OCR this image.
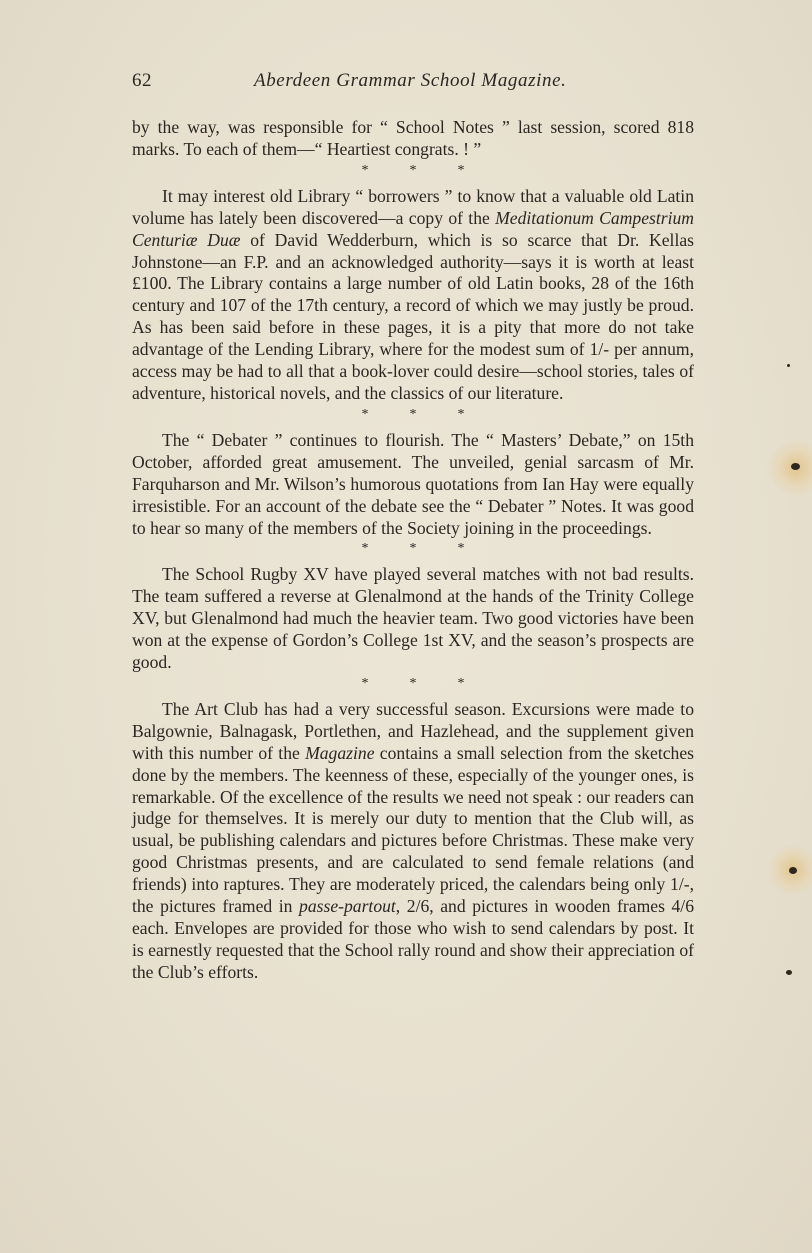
62	Aberdeen Grammar School Magazine.

by the way, was responsible for “ School Notes ” last session, scored 818 marks. To each of them—“ Heartiest congrats. ! ”

*	*	*

It may interest old Library “ borrowers ” to know that a valuable old Latin volume has lately been discovered—a copy of the Meditationum Campestrium Centuriæ Duæ of David Wedderburn, which is so scarce that Dr. Kellas Johnstone—an F.P. and an acknowledged authority—says it is worth at least £100. The Library contains a large number of old Latin books, 28 of the 16th century and 107 of the 17th century, a record of which we may justly be proud. As has been said before in these pages, it is a pity that more do not take advantage of the Lending Library, where for the modest sum of 1/- per annum, access may be had to all that a book-lover could desire—school stories, tales of adventure, historical novels, and the classics of our literature.

*	*	*

The “ Debater ” continues to flourish. The “ Masters’ Debate,” on 15th October, afforded great amusement. The unveiled, genial sarcasm of Mr. Farquharson and Mr. Wilson’s humorous quotations from Ian Hay were equally irresistible. For an account of the debate see the “ Debater ” Notes. It was good to hear so many of the members of the Society joining in the proceedings.

*	*	*

The School Rugby XV have played several matches with not bad results. The team suffered a reverse at Glenalmond at the hands of the Trinity College XV, but Glenalmond had much the heavier team. Two good victories have been won at the expense of Gordon’s College 1st XV, and the season’s prospects are good.

*	*	*

The Art Club has had a very successful season. Excursions were made to Balgownie, Balnagask, Portlethen, and Hazlehead, and the supplement given with this number of the Magazine contains a small selection from the sketches done by the members. The keenness of these, especially of the younger ones, is remarkable. Of the excellence of the results we need not speak : our readers can judge for themselves. It is merely our duty to mention that the Club will, as usual, be publishing calendars and pictures before Christmas. These make very good Christmas presents, and are calculated to send female relations (and friends) into raptures. They are moderately priced, the calendars being only 1/-, the pictures framed in passe-partout, 2/6, and pictures in wooden frames 4/6 each. Envelopes are provided for those who wish to send calendars by post. It is earnestly requested that the School rally round and show their appreciation of the Club’s efforts.
